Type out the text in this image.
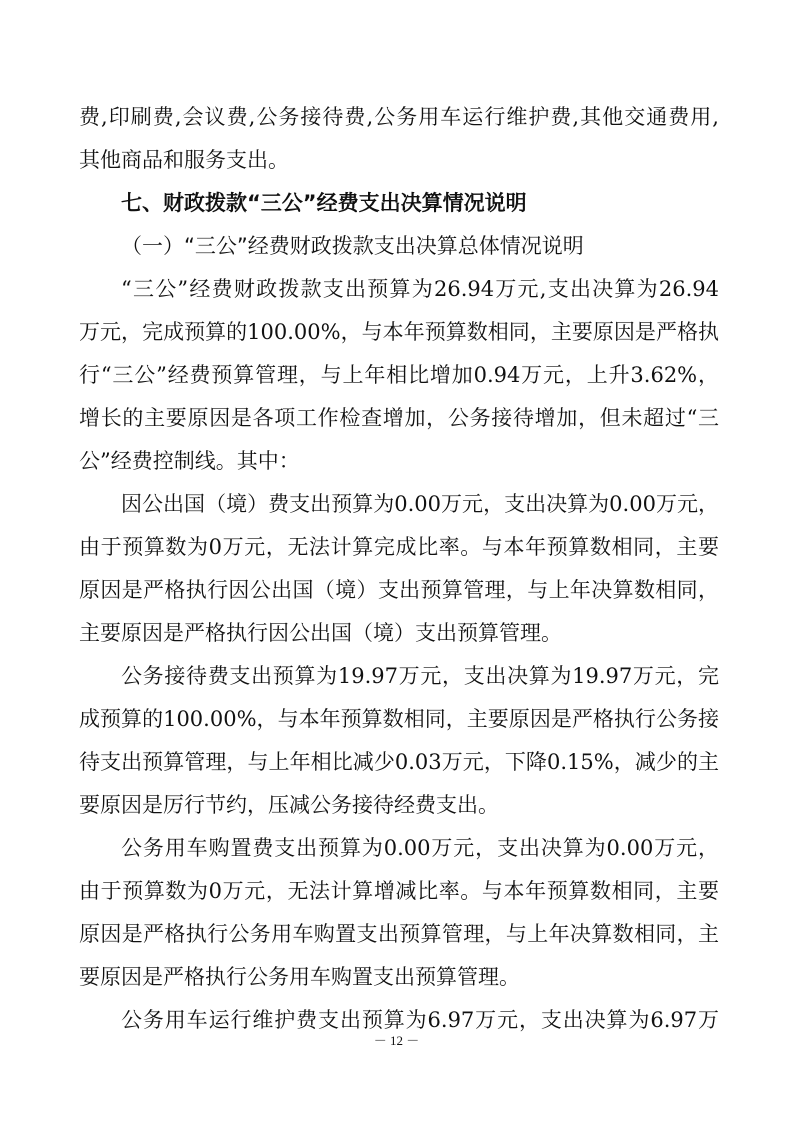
费,印刷费,会议费,公务接待费,公务用车运行维护费,其他交通费用,
其他商品和服务支出。
七、财政拨款“三公”经费支出决算情况说明
（一）“三公”经费财政拨款支出决算总体情况说明
“三公”经费财政拨款支出预算为26.94万元,支出决算为26.94
万元，完成预算的100.00%，与本年预算数相同，主要原因是严格执
行“三公”经费预算管理，与上年相比增加0.94万元，上升3.62%，
增长的主要原因是各项工作检查增加，公务接待增加，但未超过“三
公”经费控制线。其中：
因公出国（境）费支出预算为0.00万元，支出决算为0.00万元，
由于预算数为0万元，无法计算完成比率。与本年预算数相同，主要
原因是严格执行因公出国（境）支出预算管理，与上年决算数相同，
主要原因是严格执行因公出国（境）支出预算管理。
公务接待费支出预算为19.97万元，支出决算为19.97万元，完
成预算的100.00%，与本年预算数相同，主要原因是严格执行公务接
待支出预算管理，与上年相比减少0.03万元，下降0.15%，减少的主
要原因是厉行节约，压减公务接待经费支出。
公务用车购置费支出预算为0.00万元，支出决算为0.00万元，
由于预算数为0万元，无法计算增减比率。与本年预算数相同，主要
原因是严格执行公务用车购置支出预算管理，与上年决算数相同，主
要原因是严格执行公务用车购置支出预算管理。
公务用车运行维护费支出预算为6.97万元，支出决算为6.97万
－ 12 －
